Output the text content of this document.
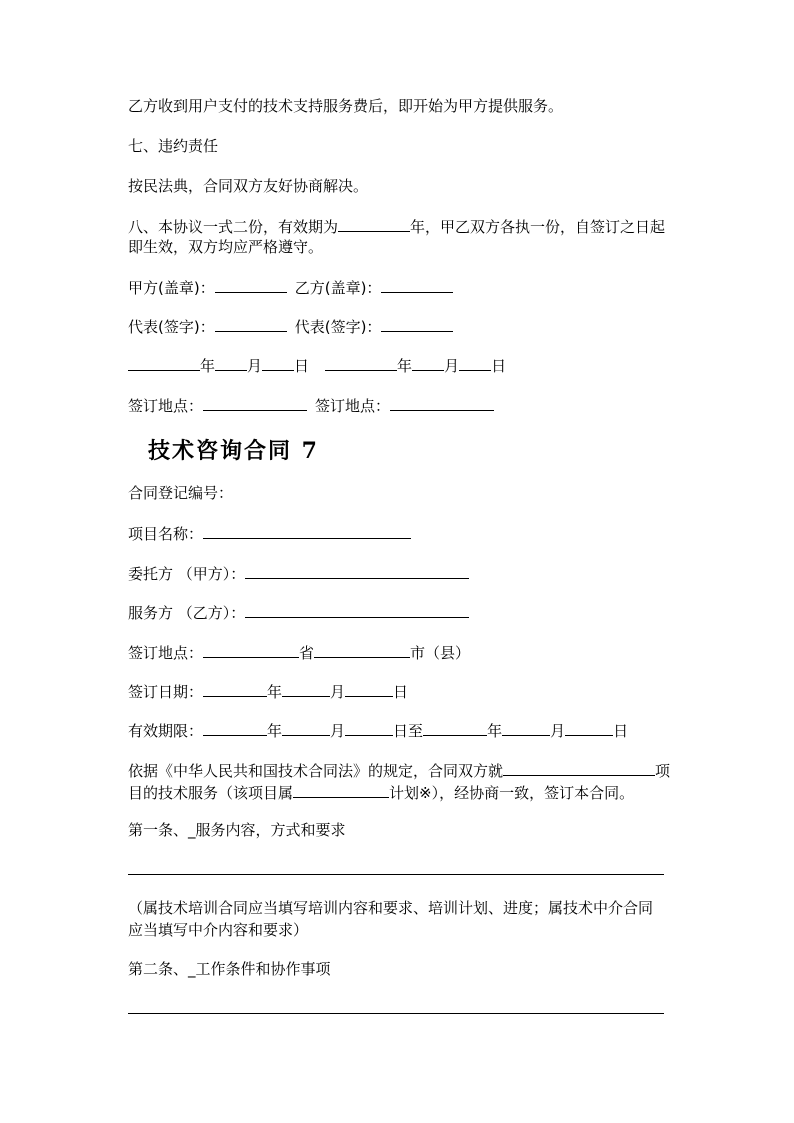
乙方收到用户支付的技术支持服务费后，即开始为甲方提供服务。
七、违约责任
按民法典，合同双方友好协商解决。
八、本协议一式二份，有效期为	年，甲乙双方各执一份，自签订之日起
即生效，双方均应严格遵守。
甲方(盖章)：	乙方(盖章)：
代表(签字)：	代表(签字)：
年 月 日	年 月 日
签订地点：	签订地点：
技术咨询合同 7
合同登记编号：
项目名称：
委托方 （甲方）：
服务方 （乙方）：
签订地点：	省	市（县）
签订日期：	年	月	日
有效期限：	年	月	日至	年	月	日
依据《中华人民共和国技术合同法》的规定，合同双方就	项
目的技术服务（该项目属	计划※），经协商一致，签订本合同。
第一条、_服务内容，方式和要求
（属技术培训合同应当填写培训内容和要求、培训计划、进度；属技术中介合同
应当填写中介内容和要求）
第二条、_工作条件和协作事项
